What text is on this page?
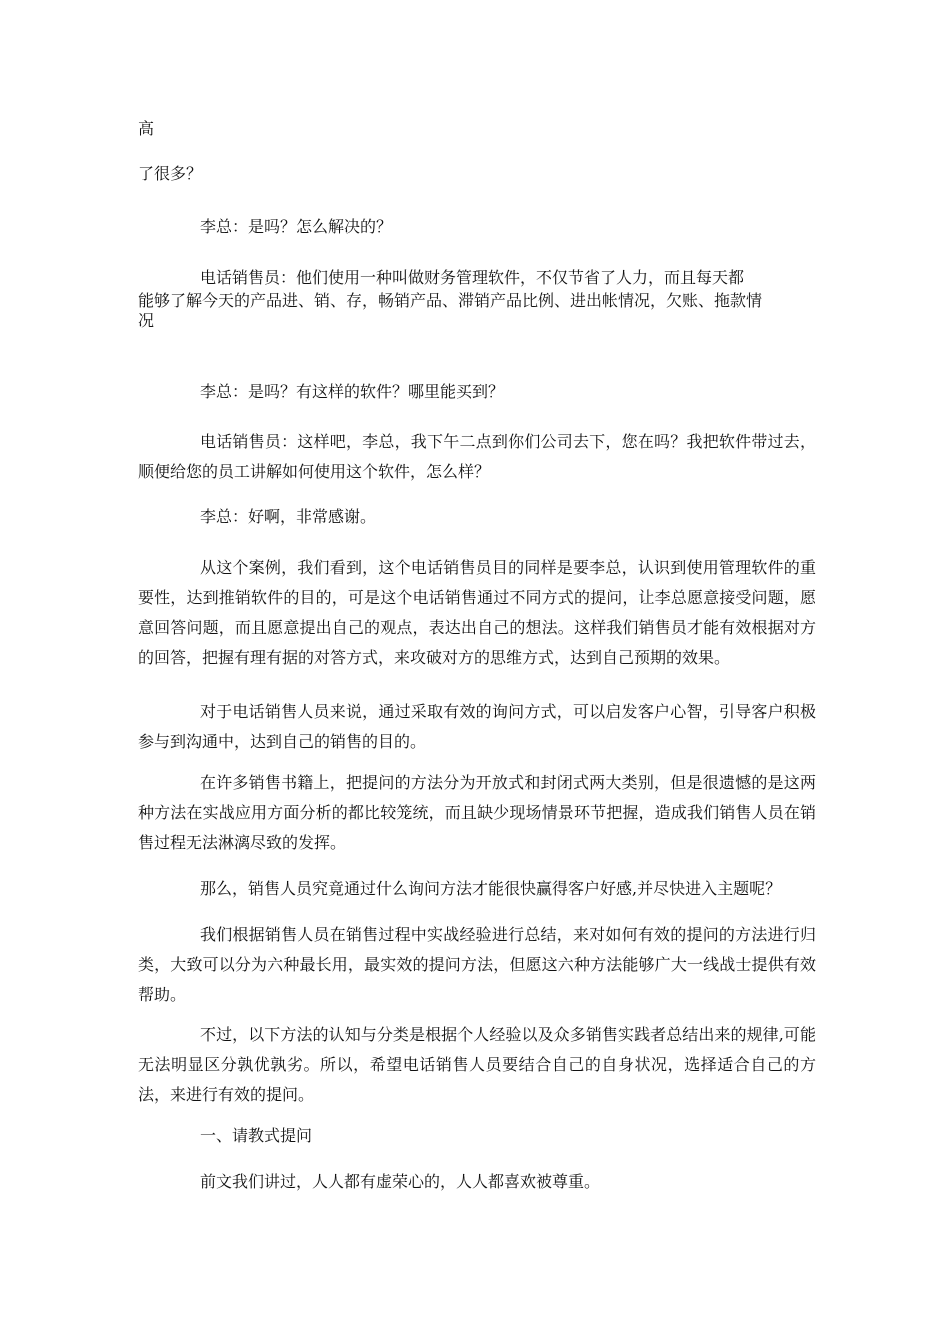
高
了很多？
李总：是吗？怎么解决的？
电话销售员：他们使用一种叫做财务管理软件，不仅节省了人力，而且每天都
能够了解今天的产品进、销、存，畅销产品、滞销产品比例、进出帐情况，欠账、拖款情
况
李总：是吗？有这样的软件？哪里能买到？
电话销售员：这样吧，李总，我下午二点到你们公司去下，您在吗？我把软件带过去，顺便给您的员工讲解如何使用这个软件，怎么样？
李总：好啊，非常感谢。
从这个案例，我们看到，这个电话销售员目的同样是要李总，认识到使用管理软件的重要性，达到推销软件的目的，可是这个电话销售通过不同方式的提问，让李总愿意接受问题，愿意回答问题，而且愿意提出自己的观点，表达出自己的想法。这样我们销售员才能有效根据对方的回答，把握有理有据的对答方式，来攻破对方的思维方式，达到自己预期的效果。
对于电话销售人员来说，通过采取有效的询问方式，可以启发客户心智，引导客户积极参与到沟通中，达到自己的销售的目的。
在许多销售书籍上，把提问的方法分为开放式和封闭式两大类别，但是很遗憾的是这两种方法在实战应用方面分析的都比较笼统，而且缺少现场情景环节把握，造成我们销售人员在销售过程无法淋漓尽致的发挥。
那么，销售人员究竟通过什么询问方法才能很快赢得客户好感,并尽快进入主题呢？
我们根据销售人员在销售过程中实战经验进行总结，来对如何有效的提问的方法进行归类，大致可以分为六种最长用，最实效的提问方法，但愿这六种方法能够广大一线战士提供有效帮助。
不过，以下方法的认知与分类是根据个人经验以及众多销售实践者总结出来的规律,可能无法明显区分孰优孰劣。所以，希望电话销售人员要结合自己的自身状况，选择适合自己的方法，来进行有效的提问。
一、请教式提问
前文我们讲过，人人都有虚荣心的，人人都喜欢被尊重。
